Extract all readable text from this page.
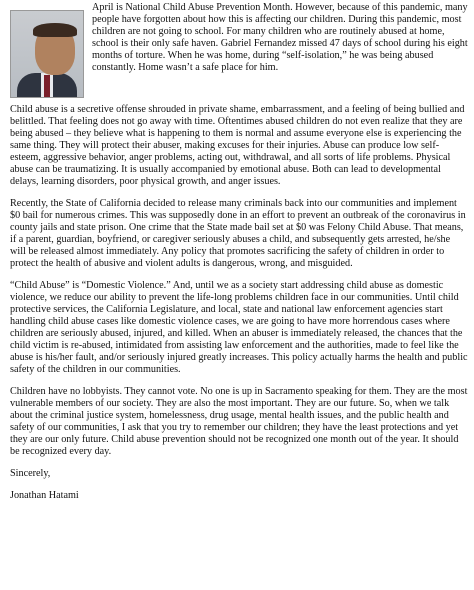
April is National Child Abuse Prevention Month. However, because of this pandemic, many people have forgotten about how this is affecting our children. During this pandemic, most children are not going to school. For many children who are routinely abused at home, school is their only safe haven. Gabriel Fernandez missed 47 days of school during his eight months of torture. When he was home, during “self-isolation,” he was being abused constantly. Home wasn’t a safe place for him.

Child abuse is a secretive offense shrouded in private shame, embarrassment, and a feeling of being bullied and belittled. That feeling does not go away with time. Oftentimes abused children do not even realize that they are being abused – they believe what is happening to them is normal and assume everyone else is experiencing the same thing. They will protect their abuser, making excuses for their injuries. Abuse can produce low self-esteem, aggressive behavior, anger problems, acting out, withdrawal, and all sorts of life problems. Physical abuse can be traumatizing. It is usually accompanied by emotional abuse. Both can lead to developmental delays, learning disorders, poor physical growth, and anger issues.

Recently, the State of California decided to release many criminals back into our communities and implement $0 bail for numerous crimes. This was supposedly done in an effort to prevent an outbreak of the coronavirus in county jails and state prison. One crime that the State made bail set at $0 was Felony Child Abuse. That means, if a parent, guardian, boyfriend, or caregiver seriously abuses a child, and subsequently gets arrested, he/she will be released almost immediately. Any policy that promotes sacrificing the safety of children in order to protect the health of abusive and violent adults is dangerous, wrong, and misguided.

“Child Abuse” is “Domestic Violence.” And, until we as a society start addressing child abuse as domestic violence, we reduce our ability to prevent the life-long problems children face in our communities. Until child protective services, the California Legislature, and local, state and national law enforcement agencies start handling child abuse cases like domestic violence cases, we are going to have more horrendous cases where children are seriously abused, injured, and killed. When an abuser is immediately released, the chances that the child victim is re-abused, intimidated from assisting law enforcement and the authorities, made to feel like the abuse is his/her fault, and/or seriously injured greatly increases. This policy actually harms the health and public safety of the children in our communities.

Children have no lobbyists. They cannot vote. No one is up in Sacramento speaking for them. They are the most vulnerable members of our society. They are also the most important. They are our future. So, when we talk about the criminal justice system, homelessness, drug usage, mental health issues, and the public health and safety of our communities, I ask that you try to remember our children; they have the least protections and yet they are our only future. Child abuse prevention should not be recognized one month out of the year. It should be recognized every day.

Sincerely,

Jonathan Hatami
